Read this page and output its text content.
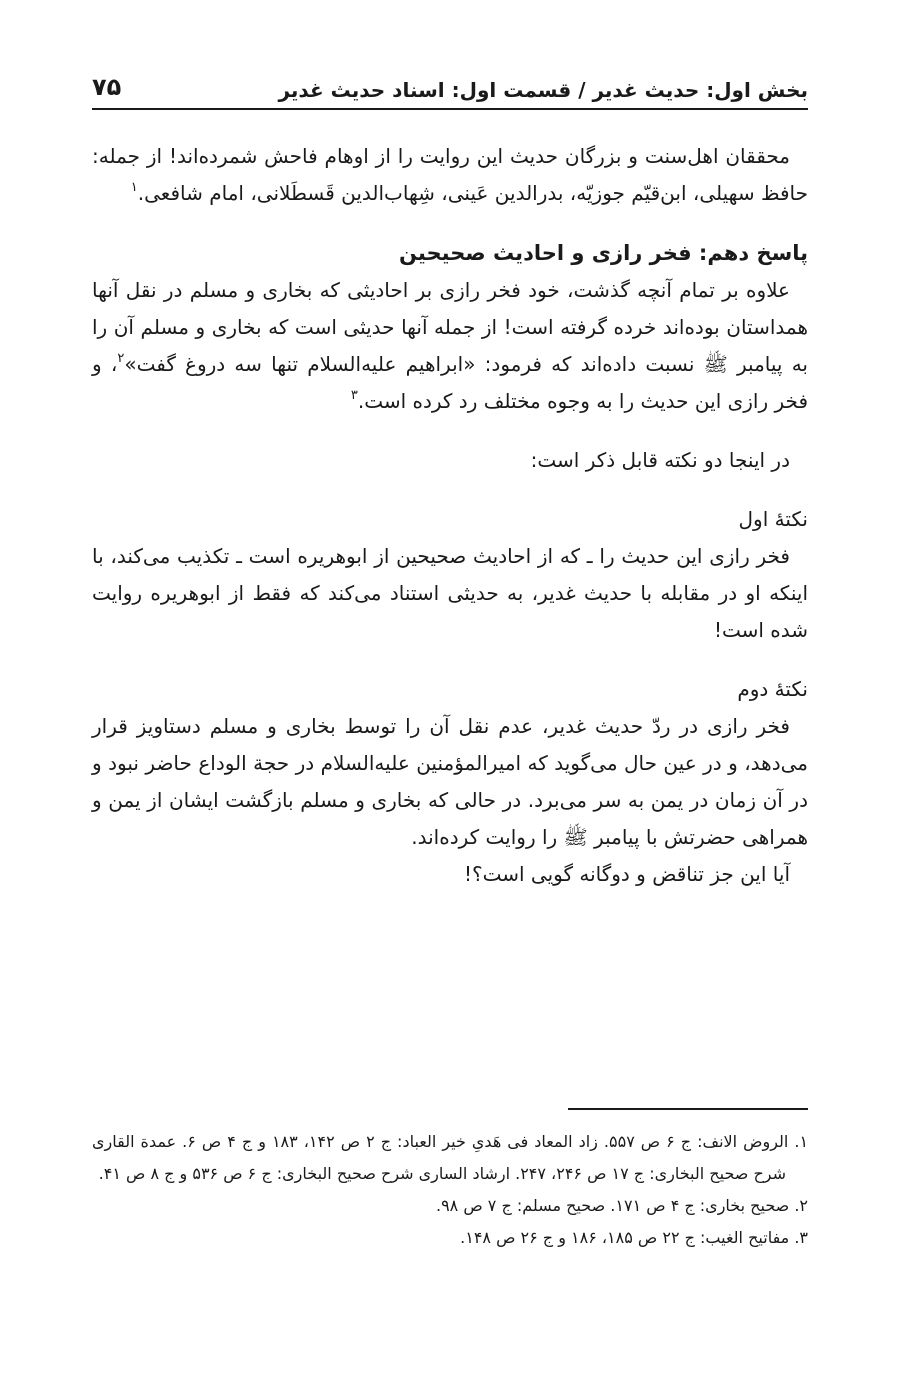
بخش اول: حدیث غدیر / قسمت اول: اسناد حدیث غدیر
۷۵

محققان اهل‌سنت و بزرگان حدیث این روایت را از اوهام فاحش شمرده‌اند! از جمله: حافظ سهیلی، ابن‌قیّم جوزیّه، بدرالدین عَینی، شِهاب‌الدین قَسطَلانی، امام شافعی.$^۱$

پاسخ دهم: فخر رازی و احادیث صحیحین

علاوه بر تمام آنچه گذشت، خود فخر رازی بر احادیثی که بخاری و مسلم در نقل آنها همداستان بوده‌اند خرده گرفته است! از جمله آنها حدیثی است که بخاری و مسلم آن را به پیامبر ﷺ نسبت داده‌اند که فرمود: «ابراهیم علیه‌السلام تنها سه دروغ گفت»$^۲$، و فخر رازی این حدیث را به وجوه مختلف رد کرده است.$^۳$

در اینجا دو نکته قابل ذکر است:

نکتهٔ اول

فخر رازی این حدیث را ـ که از احادیث صحیحین از ابوهریره است ـ تکذیب می‌کند، با اینکه او در مقابله با حدیث غدیر، به حدیثی استناد می‌کند که فقط از ابوهریره روایت شده است!

نکتهٔ دوم

فخر رازی در ردّ حدیث غدیر، عدم نقل آن را توسط بخاری و مسلم دستاویز قرار می‌دهد، و در عین حال می‌گوید که امیرالمؤمنین علیه‌السلام در حجة الوداع حاضر نبود و در آن زمان در یمن به سر می‌برد. در حالی که بخاری و مسلم بازگشت ایشان از یمن و همراهی حضرتش با پیامبر ﷺ را روایت کرده‌اند.

آیا این جز تناقض و دوگانه گویی است؟!

۱. الروض الانف: ج ۶ ص ۵۵۷. زاد المعاد فی هَدیِ خیر العباد: ج ۲ ص ۱۴۲، ۱۸۳ و ج ۴ ص ۶. عمدة القاری شرح صحیح البخاری: ج ۱۷ ص ۲۴۶، ۲۴۷. ارشاد الساری شرح صحیح البخاری: ج ۶ ص ۵۳۶ و ج ۸ ص ۴۱.
۲. صحیح بخاری: ج ۴ ص ۱۷۱. صحیح مسلم: ج ۷ ص ۹۸.
۳. مفاتیح الغیب: ج ۲۲ ص ۱۸۵، ۱۸۶ و ج ۲۶ ص ۱۴۸.
